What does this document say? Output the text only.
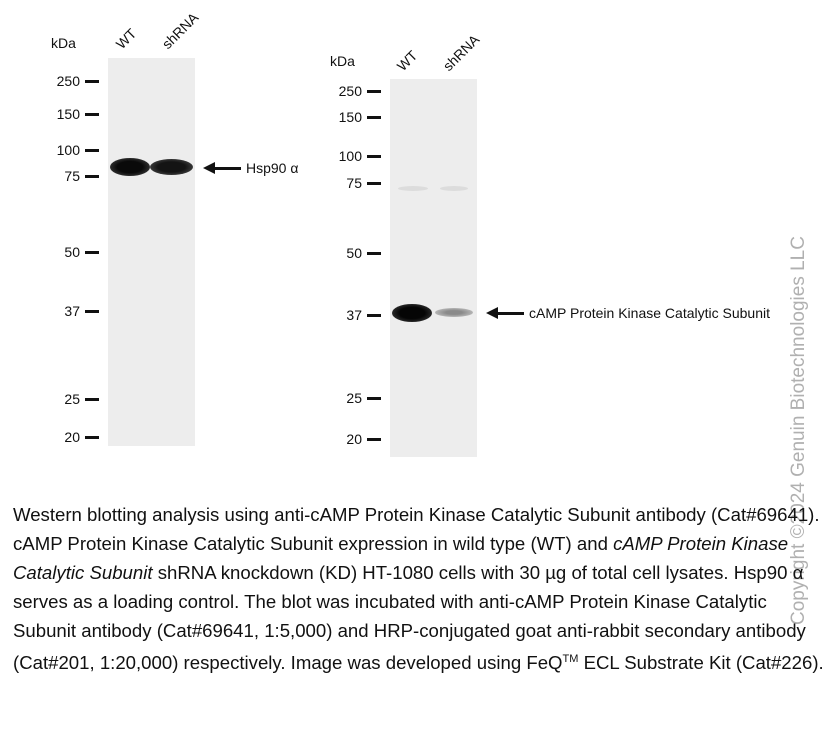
kDa	WT shRNA
250
150
100
75
50
37
25
20
Hsp90 α
kDa	WT shRNA
250
150
100
75
50
37
25
20
cAMP Protein Kinase Catalytic Subunit Copyright ©2024 Genuin Biotechnologies LLC
Western blotting analysis using anti-cAMP Protein Kinase Catalytic Subunit antibody (Cat#69641). cAMP Protein Kinase Catalytic Subunit expression in wild type (WT) and cAMP Protein Kinase Catalytic Subunit shRNA knockdown (KD) HT-1080 cells with 30 µg of total cell lysates. Hsp90 α serves as a loading control. The blot was incubated with anti-cAMP Protein Kinase Catalytic Subunit antibody (Cat#69641, 1:5,000) and HRP-conjugated goat anti-rabbit secondary antibody (Cat#201, 1:20,000) respectively. Image was developed using FeQ™ ECL Substrate Kit (Cat#226).
